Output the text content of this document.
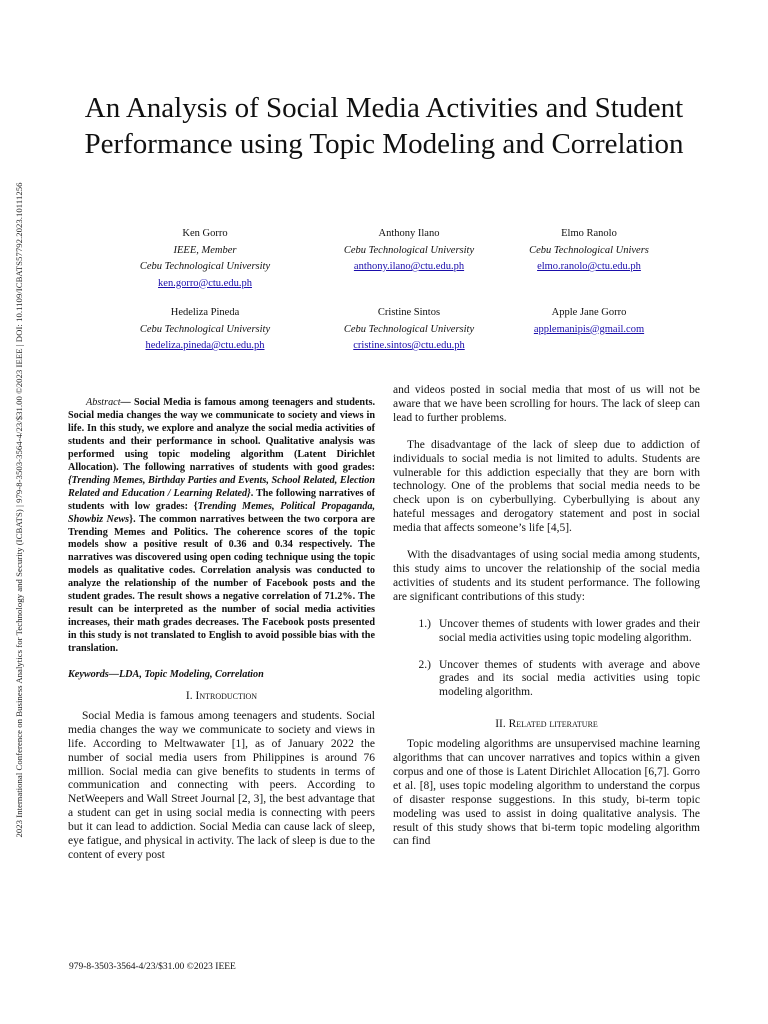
2023 International Conference on Business Analytics for Technology and Security (ICBATS) | 979-8-3503-3564-4/23/$31.00 ©2023 IEEE | DOI: 10.1109/ICBATS57792.2023.10111256
An Analysis of Social Media Activities and Student Performance using Topic Modeling and Correlation
Ken Gorro
IEEE, Member
Cebu Technological University
ken.gorro@ctu.edu.ph
Anthony Ilano
Cebu Technological University
anthony.ilano@ctu.edu.ph
Elmo Ranolo
Cebu Technological Univers
elmo.ranolo@ctu.edu.ph
Hedeliza Pineda
Cebu Technological University
hedeliza.pineda@ctu.edu.ph
Cristine Sintos
Cebu Technological University
cristine.sintos@ctu.edu.ph
Apple Jane Gorro
applemanipis@gmail.com

Abstract— Social Media is famous among teenagers and students. Social media changes the way we communicate to society and views in life. In this study, we explore and analyze the social media activities of students and their performance in school. Qualitative analysis was performed using topic modeling algorithm (Latent Dirichlet Allocation). The following narratives of students with good grades: {Trending Memes, Birthday Parties and Events, School Related, Election Related and Education / Learning Related}. The following narratives of students with low grades: {Trending Memes, Political Propaganda, Showbiz News}. The common narratives between the two corpora are Trending Memes and Politics. The coherence scores of the topic models show a positive result of 0.36 and 0.34 respectively. The narratives was discovered using open coding technique using the topic models as qualitative codes. Correlation analysis was conducted to analyze the relationship of the number of Facebook posts and the student grades. The result shows a negative correlation of 71.2%. The result can be interpreted as the number of social media activities increases, their math grades decreases. The Facebook posts presented in this study is not translated to English to avoid possible bias with the translation.

Keywords—LDA, Topic Modeling, Correlation

I. Introduction

Social Media is famous among teenagers and students. Social media changes the way we communicate to society and views in life. According to Meltwawater [1], as of January 2022 the number of social media users from Philippines is around 76 million. Social media can give benefits to students in terms of communication and connecting with peers. According to NetWeepers and Wall Street Journal [2, 3], the best advantage that a student can get in using social media is connecting with peers but it can lead to addiction. Social Media can cause lack of sleep, eye fatigue, and physical in activity. The lack of sleep is due to the content of every post

and videos posted in social media that most of us will not be aware that we have been scrolling for hours. The lack of sleep can lead to further problems.

The disadvantage of the lack of sleep due to addiction of individuals to social media is not limited to adults. Students are vulnerable for this addiction especially that they are born with technology. One of the problems that social media needs to be check upon is on cyberbullying. Cyberbullying is about any hateful messages and derogatory statement and post in social media that affects someone’s life [4,5].

With the disadvantages of using social media among students, this study aims to uncover the relationship of the social media activities of students and its student performance. The following are significant contributions of this study:

1.) Uncover themes of students with lower grades and their social media activities using topic modeling algorithm.
2.) Uncover themes of students with average and above grades and its social media activities using topic modeling algorithm.

II. Related literature

Topic modeling algorithms are unsupervised machine learning algorithms that can uncover narratives and topics within a given corpus and one of those is Latent Dirichlet Allocation [6,7]. Gorro et al. [8], uses topic modeling algorithm to understand the corpus of disaster response suggestions. In this study, bi-term topic modeling was used to assist in doing qualitative analysis. The result of this study shows that bi-term topic modeling algorithm can find

979-8-3503-3564-4/23/$31.00 ©2023 IEEE
